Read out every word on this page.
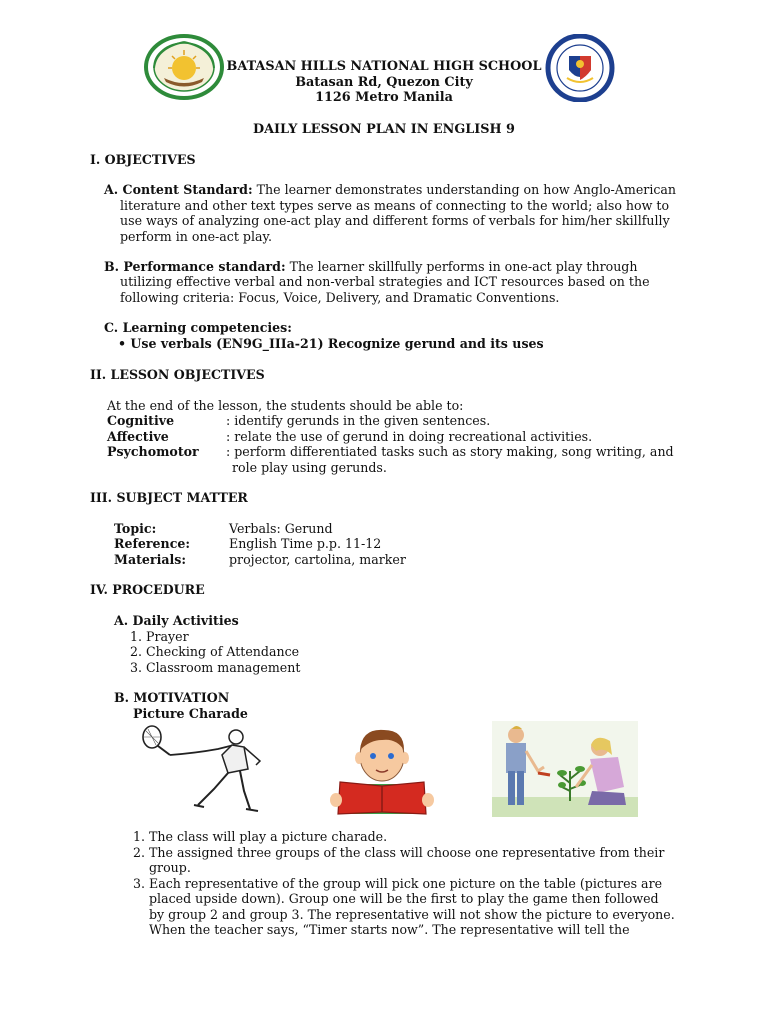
BATASAN HILLS NATIONAL HIGH SCHOOL
Batasan Rd, Quezon City
1126 Metro Manila
DAILY LESSON PLAN IN ENGLISH 9
I. OBJECTIVES
A. Content Standard: The learner demonstrates understanding on how Anglo-American
literature and other text types serve as means of connecting to the world; also how to
use ways of analyzing one-act play and different forms of verbals for him/her skillfully
perform in one-act play.
B. Performance standard: The learner skillfully performs in one-act play through
utilizing effective verbal and non-verbal strategies and ICT resources based on the
following criteria: Focus, Voice, Delivery, and Dramatic Conventions.
C. Learning competencies:
• Use verbals (EN9G_IIIa-21) Recognize gerund and its uses
II. LESSON OBJECTIVES
At the end of the lesson, the students should be able to:
Cognitive	: identify gerunds in the given sentences.
Affective	: relate the use of gerund in doing recreational activities.
Psychomotor : perform differentiated tasks such as story making, song writing, and
role play using gerunds.
III. SUBJECT MATTER
Topic:	Verbals: Gerund
Reference:	English Time p.p. 11-12
Materials:	projector, cartolina, marker
IV. PROCEDURE
A. Daily Activities
1. Prayer
2. Checking of Attendance
3. Classroom management
B. MOTIVATION
Picture Charade
1. The class will play a picture charade.
2. The assigned three groups of the class will choose one representative from their
group.
3. Each representative of the group will pick one picture on the table (pictures are
placed upside down). Group one will be the first to play the game then followed
by group 2 and group 3. The representative will not show the picture to everyone.
When the teacher says, “Timer starts now”. The representative will tell the
